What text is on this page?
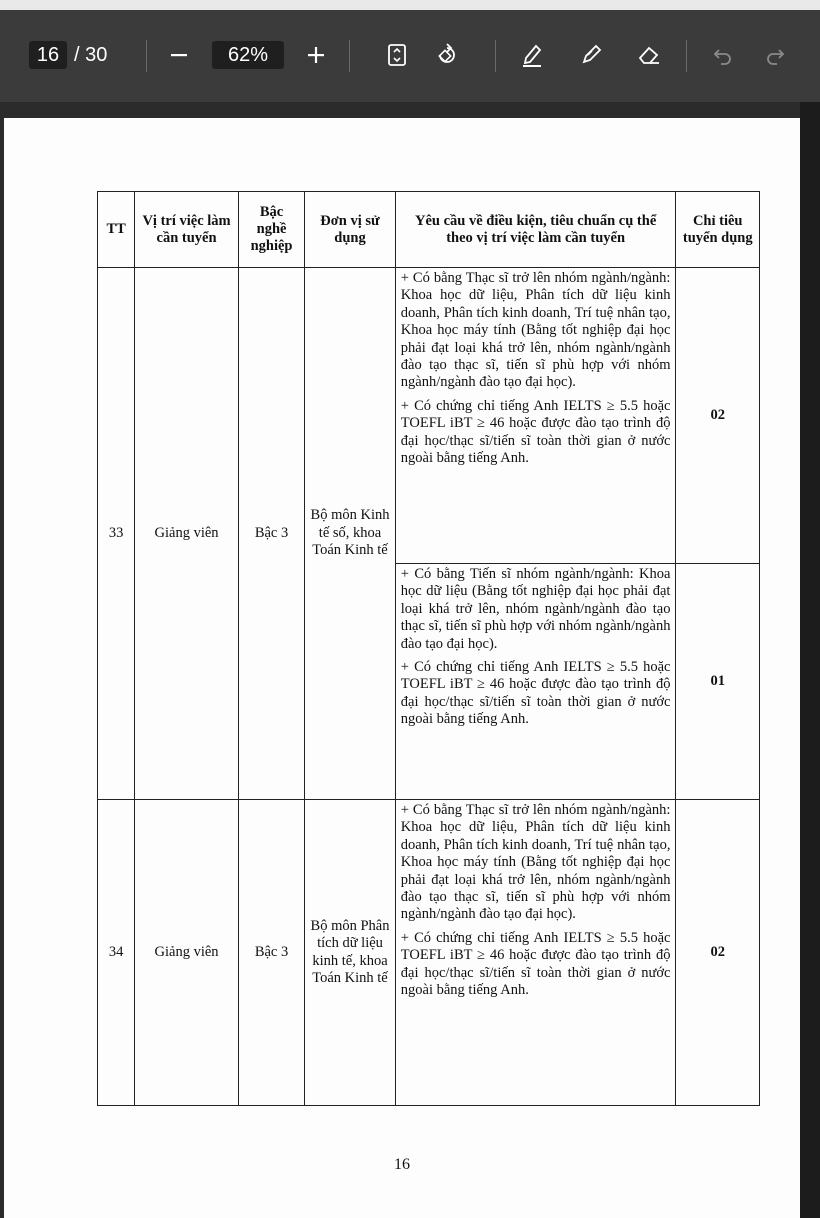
16 / 30	62%
TT	Vị trí việc làm cần tuyển	Bậc nghề nghiệp	Đơn vị sử dụng	Yêu cầu về điều kiện, tiêu chuẩn cụ thể theo vị trí việc làm cần tuyển	Chỉ tiêu tuyển dụng
33	Giảng viên	Bậc 3	Bộ môn Kinh tế số, khoa Toán Kinh tế	+ Có bằng Thạc sĩ trở lên nhóm ngành/ngành: Khoa học dữ liệu, Phân tích dữ liệu kinh doanh, Phân tích kinh doanh, Trí tuệ nhân tạo, Khoa học máy tính (Bằng tốt nghiệp đại học phải đạt loại khá trở lên, nhóm ngành/ngành đào tạo thạc sĩ, tiến sĩ phù hợp với nhóm ngành/ngành đào tạo đại học).

+ Có chứng chỉ tiếng Anh IELTS ≥ 5.5 hoặc TOEFL iBT ≥ 46 hoặc được đào tạo trình độ đại học/thạc sĩ/tiến sĩ toàn thời gian ở nước ngoài bằng tiếng Anh.	02

				+ Có bằng Tiến sĩ nhóm ngành/ngành: Khoa học dữ liệu (Bằng tốt nghiệp đại học phải đạt loại khá trở lên, nhóm ngành/ngành đào tạo thạc sĩ, tiến sĩ phù hợp với nhóm ngành/ngành đào tạo đại học).

+ Có chứng chỉ tiếng Anh IELTS ≥ 5.5 hoặc TOEFL iBT ≥ 46 hoặc được đào tạo trình độ đại học/thạc sĩ/tiến sĩ toàn thời gian ở nước ngoài bằng tiếng Anh.	01
34	Giảng viên	Bậc 3	Bộ môn Phân tích dữ liệu kinh tế, khoa Toán Kinh tế	+ Có bằng Thạc sĩ trở lên nhóm ngành/ngành: Khoa học dữ liệu, Phân tích dữ liệu kinh doanh, Phân tích kinh doanh, Trí tuệ nhân tạo, Khoa học máy tính (Bằng tốt nghiệp đại học phải đạt loại khá trở lên, nhóm ngành/ngành đào tạo thạc sĩ, tiến sĩ phù hợp với nhóm ngành/ngành đào tạo đại học).

+ Có chứng chỉ tiếng Anh IELTS ≥ 5.5 hoặc TOEFL iBT ≥ 46 hoặc được đào tạo trình độ đại học/thạc sĩ/tiến sĩ toàn thời gian ở nước ngoài bằng tiếng Anh.	02
16
